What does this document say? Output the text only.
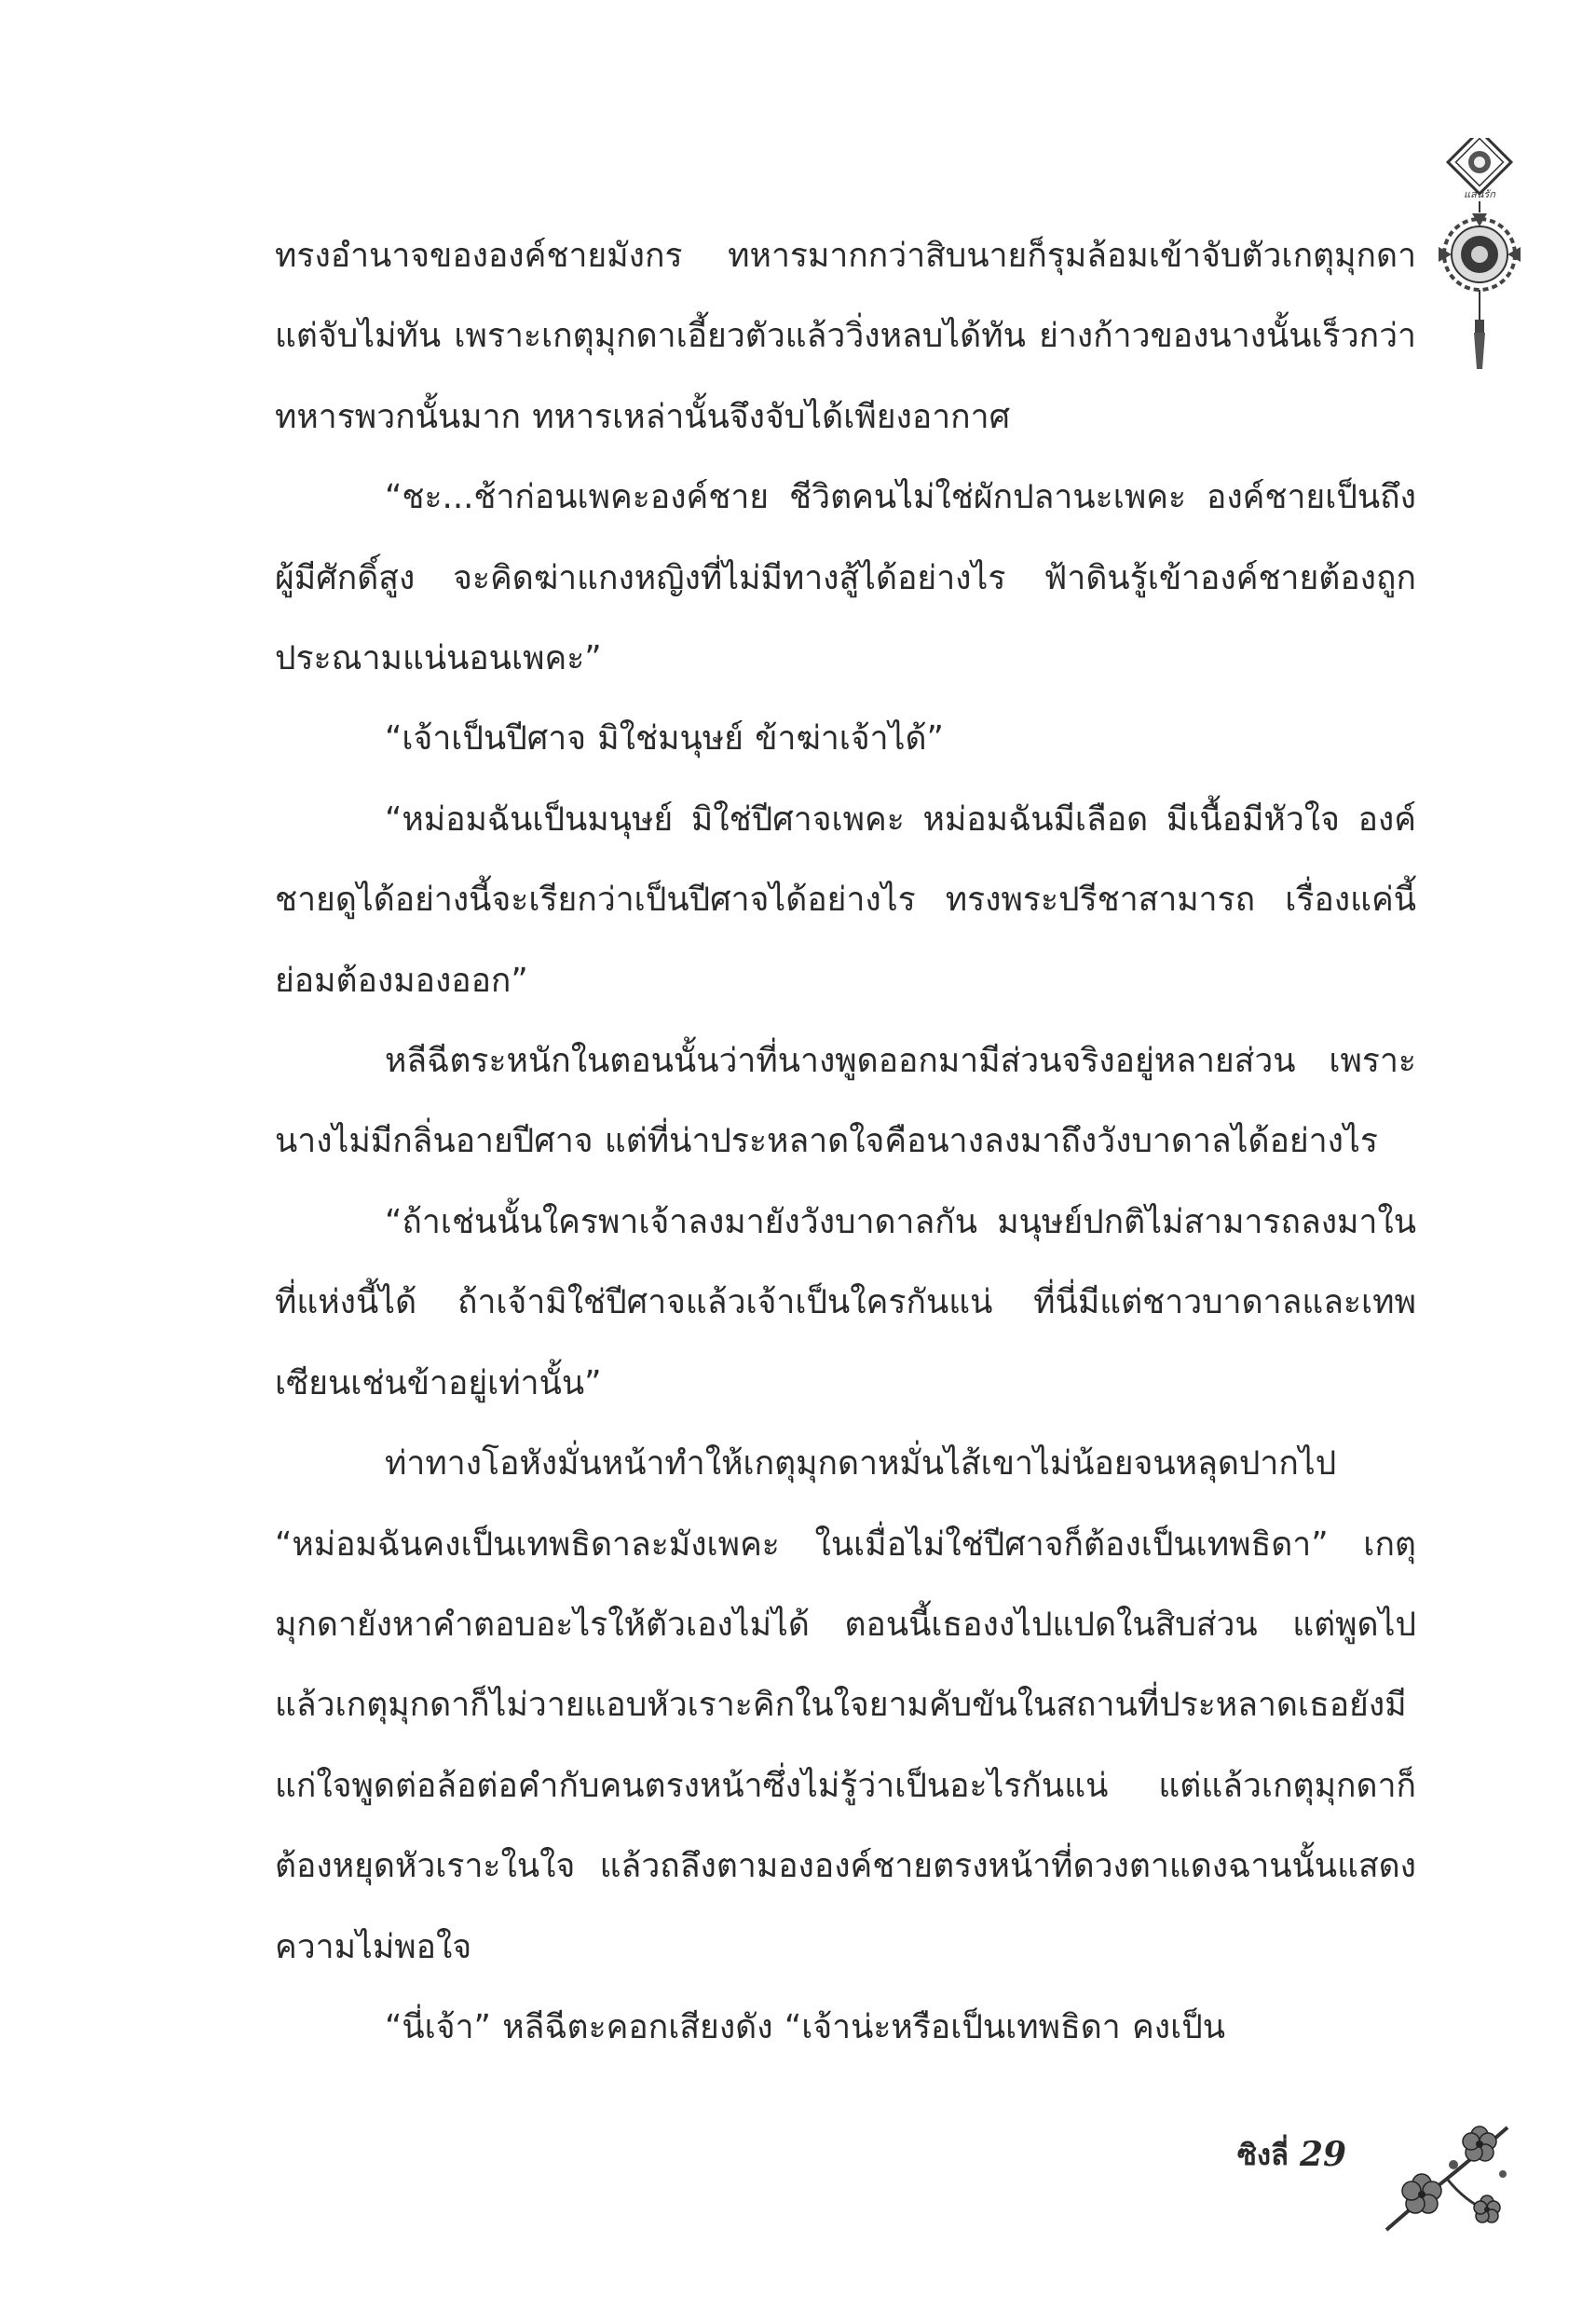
แสนรัก

ทรงอำนาจขององค์ชายมังกร ทหารมากกว่าสิบนายก็รุมล้อมเข้าจับตัวเกตุมุกดา แต่จับไม่ทัน เพราะเกตุมุกดาเอี้ยวตัวแล้ววิ่งหลบได้ทัน ย่างก้าวของนางนั้นเร็วกว่าทหารพวกนั้นมาก ทหารเหล่านั้นจึงจับได้เพียงอากาศ

“ชะ...ช้าก่อนเพคะองค์ชาย ชีวิตคนไม่ใช่ผักปลานะเพคะ องค์ชายเป็นถึงผู้มีศักดิ์สูง จะคิดฆ่าแกงหญิงที่ไม่มีทางสู้ได้อย่างไร ฟ้าดินรู้เข้าองค์ชายต้องถูกประณามแน่นอนเพคะ”

“เจ้าเป็นปีศาจ มิใช่มนุษย์ ข้าฆ่าเจ้าได้”

“หม่อมฉันเป็นมนุษย์ มิใช่ปีศาจเพคะ หม่อมฉันมีเลือด มีเนื้อมีหัวใจ องค์ชายดูได้อย่างนี้จะเรียกว่าเป็นปีศาจได้อย่างไร ทรงพระปรีชาสามารถ เรื่องแค่นี้ย่อมต้องมองออก”

หลีฉีตระหนักในตอนนั้นว่าที่นางพูดออกมามีส่วนจริงอยู่หลายส่วน เพราะนางไม่มีกลิ่นอายปีศาจ แต่ที่น่าประหลาดใจคือนางลงมาถึงวังบาดาลได้อย่างไร

“ถ้าเช่นนั้นใครพาเจ้าลงมายังวังบาดาลกัน มนุษย์ปกติไม่สามารถลงมาในที่แห่งนี้ได้ ถ้าเจ้ามิใช่ปีศาจแล้วเจ้าเป็นใครกันแน่ ที่นี่มีแต่ชาวบาดาลและเทพเซียนเช่นข้าอยู่เท่านั้น”

ท่าทางโอหังมั่นหน้าทำให้เกตุมุกดาหมั่นไส้เขาไม่น้อยจนหลุดปากไป “หม่อมฉันคงเป็นเทพธิดาละมังเพคะ ในเมื่อไม่ใช่ปีศาจก็ต้องเป็นเทพธิดา” เกตุมุกดายังหาคำตอบอะไรให้ตัวเองไม่ได้ ตอนนี้เธองงไปแปดในสิบส่วน แต่พูดไปแล้วเกตุมุกดาก็ไม่วายแอบหัวเราะคิกในใจยามคับขันในสถานที่ประหลาดเธอยังมีแก่ใจพูดต่อล้อต่อคำกับคนตรงหน้าซึ่งไม่รู้ว่าเป็นอะไรกันแน่ แต่แล้วเกตุมุกดาก็ต้องหยุดหัวเราะในใจ แล้วถลึงตามององค์ชายตรงหน้าที่ดวงตาแดงฉานนั้นแสดงความไม่พอใจ

“นี่เจ้า” หลีฉีตะคอกเสียงดัง “เจ้าน่ะหรือเป็นเทพธิดา คงเป็น

ซิงลี่ 29
